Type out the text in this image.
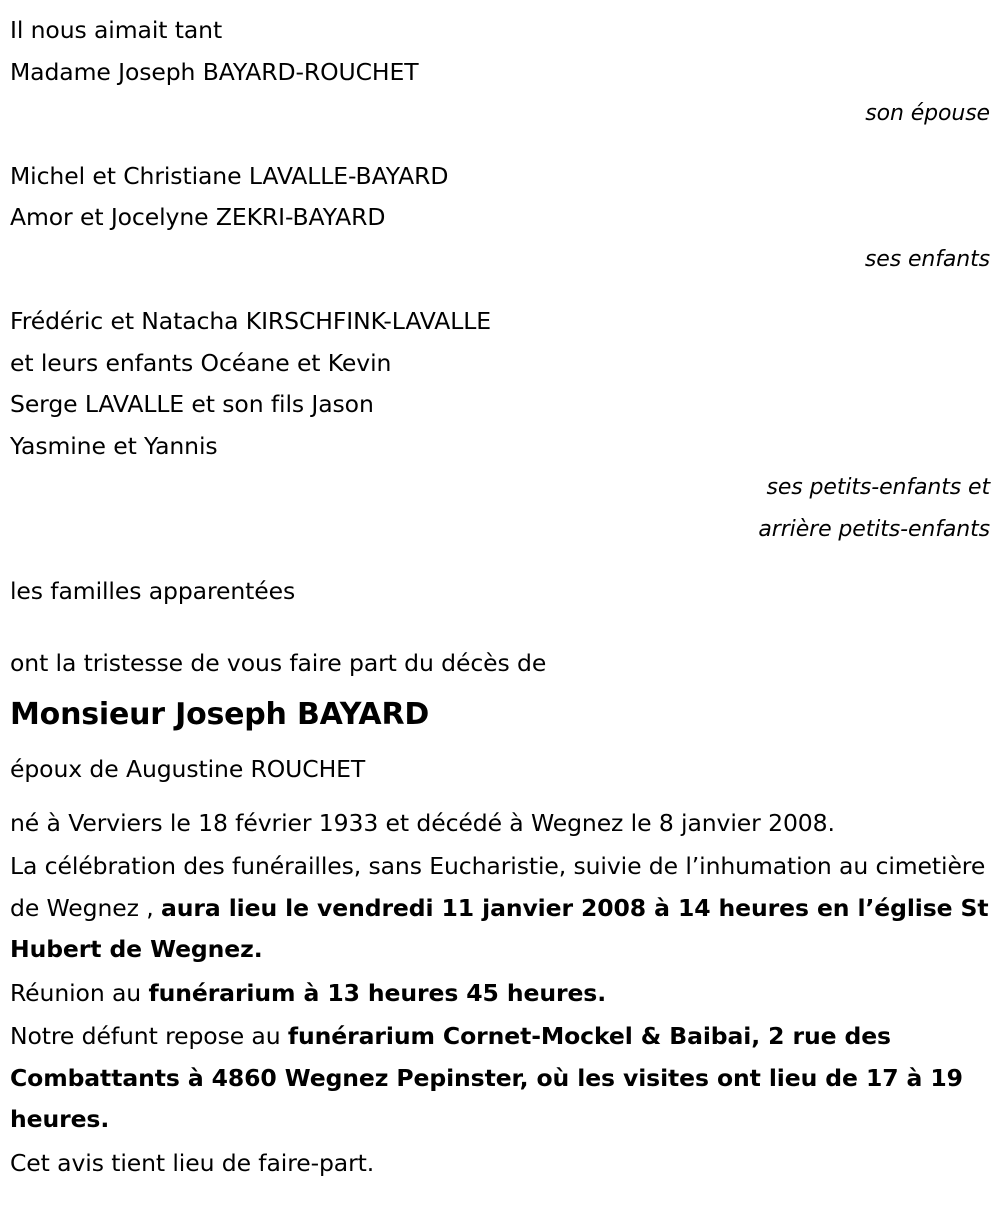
Il nous aimait tant
Madame Joseph BAYARD-ROUCHET
son épouse
Michel et Christiane LAVALLE-BAYARD
Amor et Jocelyne ZEKRI-BAYARD
ses enfants
Frédéric et Natacha KIRSCHFINK-LAVALLE
et leurs enfants Océane et Kevin
Serge LAVALLE et son fils Jason
Yasmine et Yannis
ses petits-enfants et arrière petits-enfants
les familles apparentées
ont la tristesse de vous faire part du décès de
Monsieur Joseph BAYARD
époux de Augustine ROUCHET
né à Verviers le 18 février 1933 et décédé à Wegnez le 8 janvier 2008.

La célébration des funérailles, sans Eucharistie, suivie de l’inhumation au cimetière de Wegnez , aura lieu le vendredi 11 janvier 2008 à 14 heures en l’église St Hubert de Wegnez.

Réunion au funérarium à 13 heures 45 heures.

Notre défunt repose au funérarium Cornet-Mockel & Baibai, 2 rue des Combattants à 4860 Wegnez Pepinster, où les visites ont lieu de 17 à 19 heures.

Cet avis tient lieu de faire-part.
